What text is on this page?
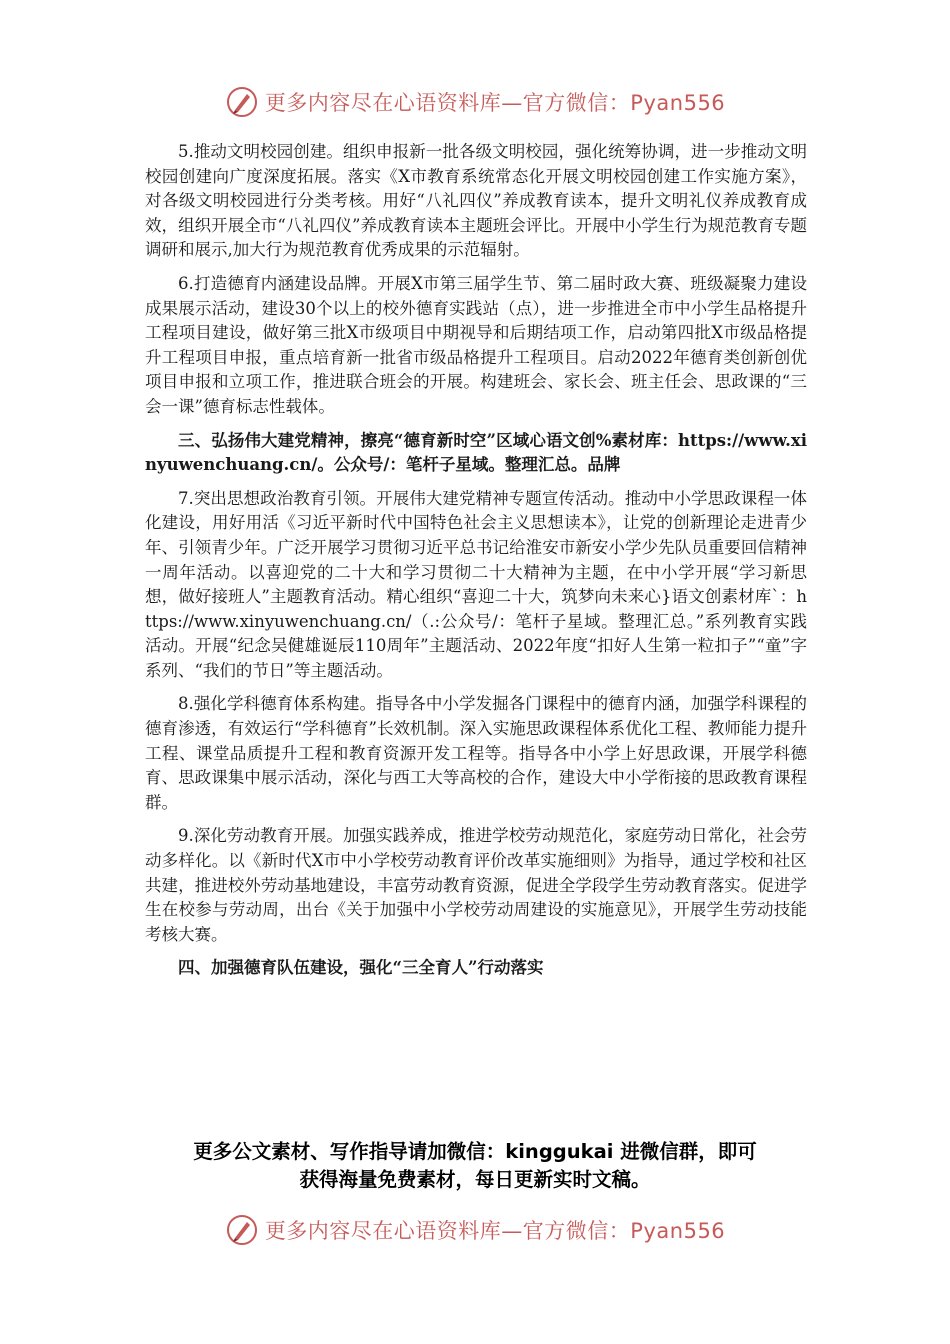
更多内容尽在心语资料库—官方微信：Pyan556

5.推动文明校园创建。组织申报新一批各级文明校园，强化统筹协调，进一步推动文明校园创建向广度深度拓展。落实《X市教育系统常态化开展文明校园创建工作实施方案》，对各级文明校园进行分类考核。用好“八礼四仪”养成教育读本，提升文明礼仪养成教育成效，组织开展全市“八礼四仪”养成教育读本主题班会评比。开展中小学生行为规范教育专题调研和展示,加大行为规范教育优秀成果的示范辐射。

6.打造德育内涵建设品牌。开展X市第三届学生节、第二届时政大赛、班级凝聚力建设成果展示活动，建设30个以上的校外德育实践站（点），进一步推进全市中小学生品格提升工程项目建设，做好第三批X市级项目中期视导和后期结项工作，启动第四批X市级品格提升工程项目申报，重点培育新一批省市级品格提升工程项目。启动2022年德育类创新创优项目申报和立项工作，推进联合班会的开展。构建班会、家长会、班主任会、思政课的“三会一课”德育标志性载体。

三、弘扬伟大建党精神，擦亮“德育新时空”区域心语文创%素材库：https://www.xinyuwenchuang.cn/。公众号/：笔杆子星域。整理汇总。品牌

7.突出思想政治教育引领。开展伟大建党精神专题宣传活动。推动中小学思政课程一体化建设，用好用活《习近平新时代中国特色社会主义思想读本》，让党的创新理论走进青少年、引领青少年。广泛开展学习贯彻习近平总书记给淮安市新安小学少先队员重要回信精神一周年活动。以喜迎党的二十大和学习贯彻二十大精神为主题，在中小学开展“学习新思想，做好接班人”主题教育活动。精心组织“喜迎二十大，筑梦向未来心}语文创素材库`：https://www.xinyuwenchuang.cn/（.:公众号/：笔杆子星域。整理汇总。”系列教育实践活动。开展“纪念吴健雄诞辰110周年”主题活动、2022年度“扣好人生第一粒扣子”“童”字系列、“我们的节日”等主题活动。

8.强化学科德育体系构建。指导各中小学发掘各门课程中的德育内涵，加强学科课程的德育渗透，有效运行“学科德育”长效机制。深入实施思政课程体系优化工程、教师能力提升工程、课堂品质提升工程和教育资源开发工程等。指导各中小学上好思政课，开展学科德育、思政课集中展示活动，深化与西工大等高校的合作，建设大中小学衔接的思政教育课程群。

9.深化劳动教育开展。加强实践养成，推进学校劳动规范化，家庭劳动日常化，社会劳动多样化。以《新时代X市中小学校劳动教育评价改革实施细则》为指导，通过学校和社区共建，推进校外劳动基地建设，丰富劳动教育资源，促进全学段学生劳动教育落实。促进学生在校参与劳动周，出台《关于加强中小学校劳动周建设的实施意见》，开展学生劳动技能考核大赛。

四、加强德育队伍建设，强化“三全育人”行动落实

更多公文素材、写作指导请加微信：kinggukai 进微信群，即可
获得海量免费素材，每日更新实时文稿。
更多内容尽在心语资料库—官方微信：Pyan556
